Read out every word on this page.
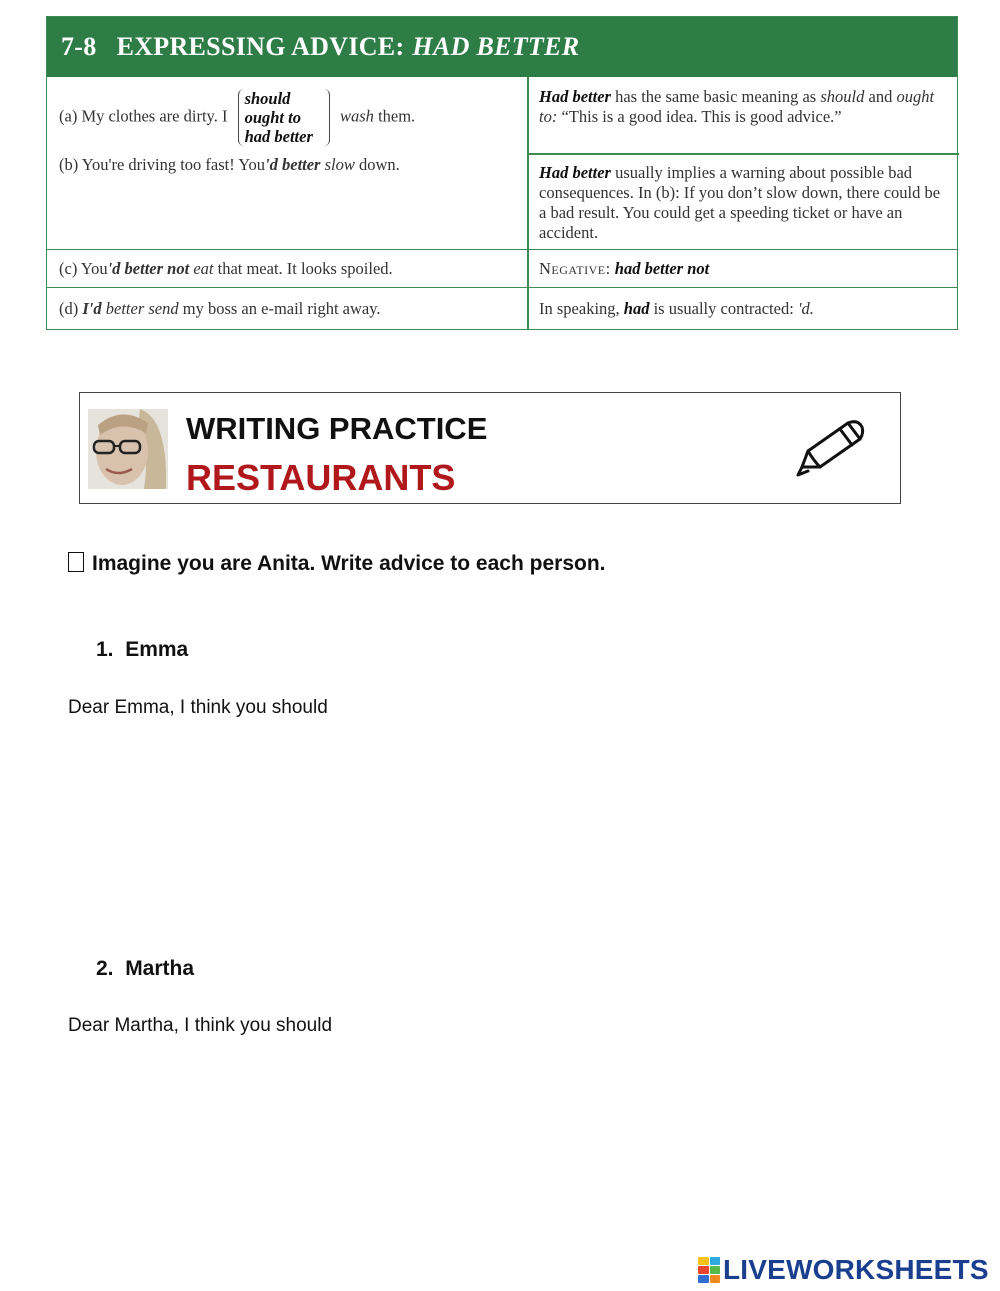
7-8 EXPRESSING ADVICE: HAD BETTER
(a) My clothes are dirty. I should
ought to
had better wash them.
(b) You're driving too fast! You'd better slow down.
Had better has the same basic meaning as should and ought to: “This is a good idea. This is good advice.”
Had better usually implies a warning about possible bad consequences. In (b): If you don’t slow down, there could be a bad result. You could get a speeding ticket or have an accident.
(c) You'd better not eat that meat. It looks spoiled.	Negative: had better not
(d) I'd better send my boss an e-mail right away.	In speaking, had is usually contracted: 'd.
WRITING PRACTICE
RESTAURANTS
Imagine you are Anita. Write advice to each person.
1. Emma
Dear Emma, I think you should
2. Martha
Dear Martha, I think you should
LIVEWORKSHEETS
